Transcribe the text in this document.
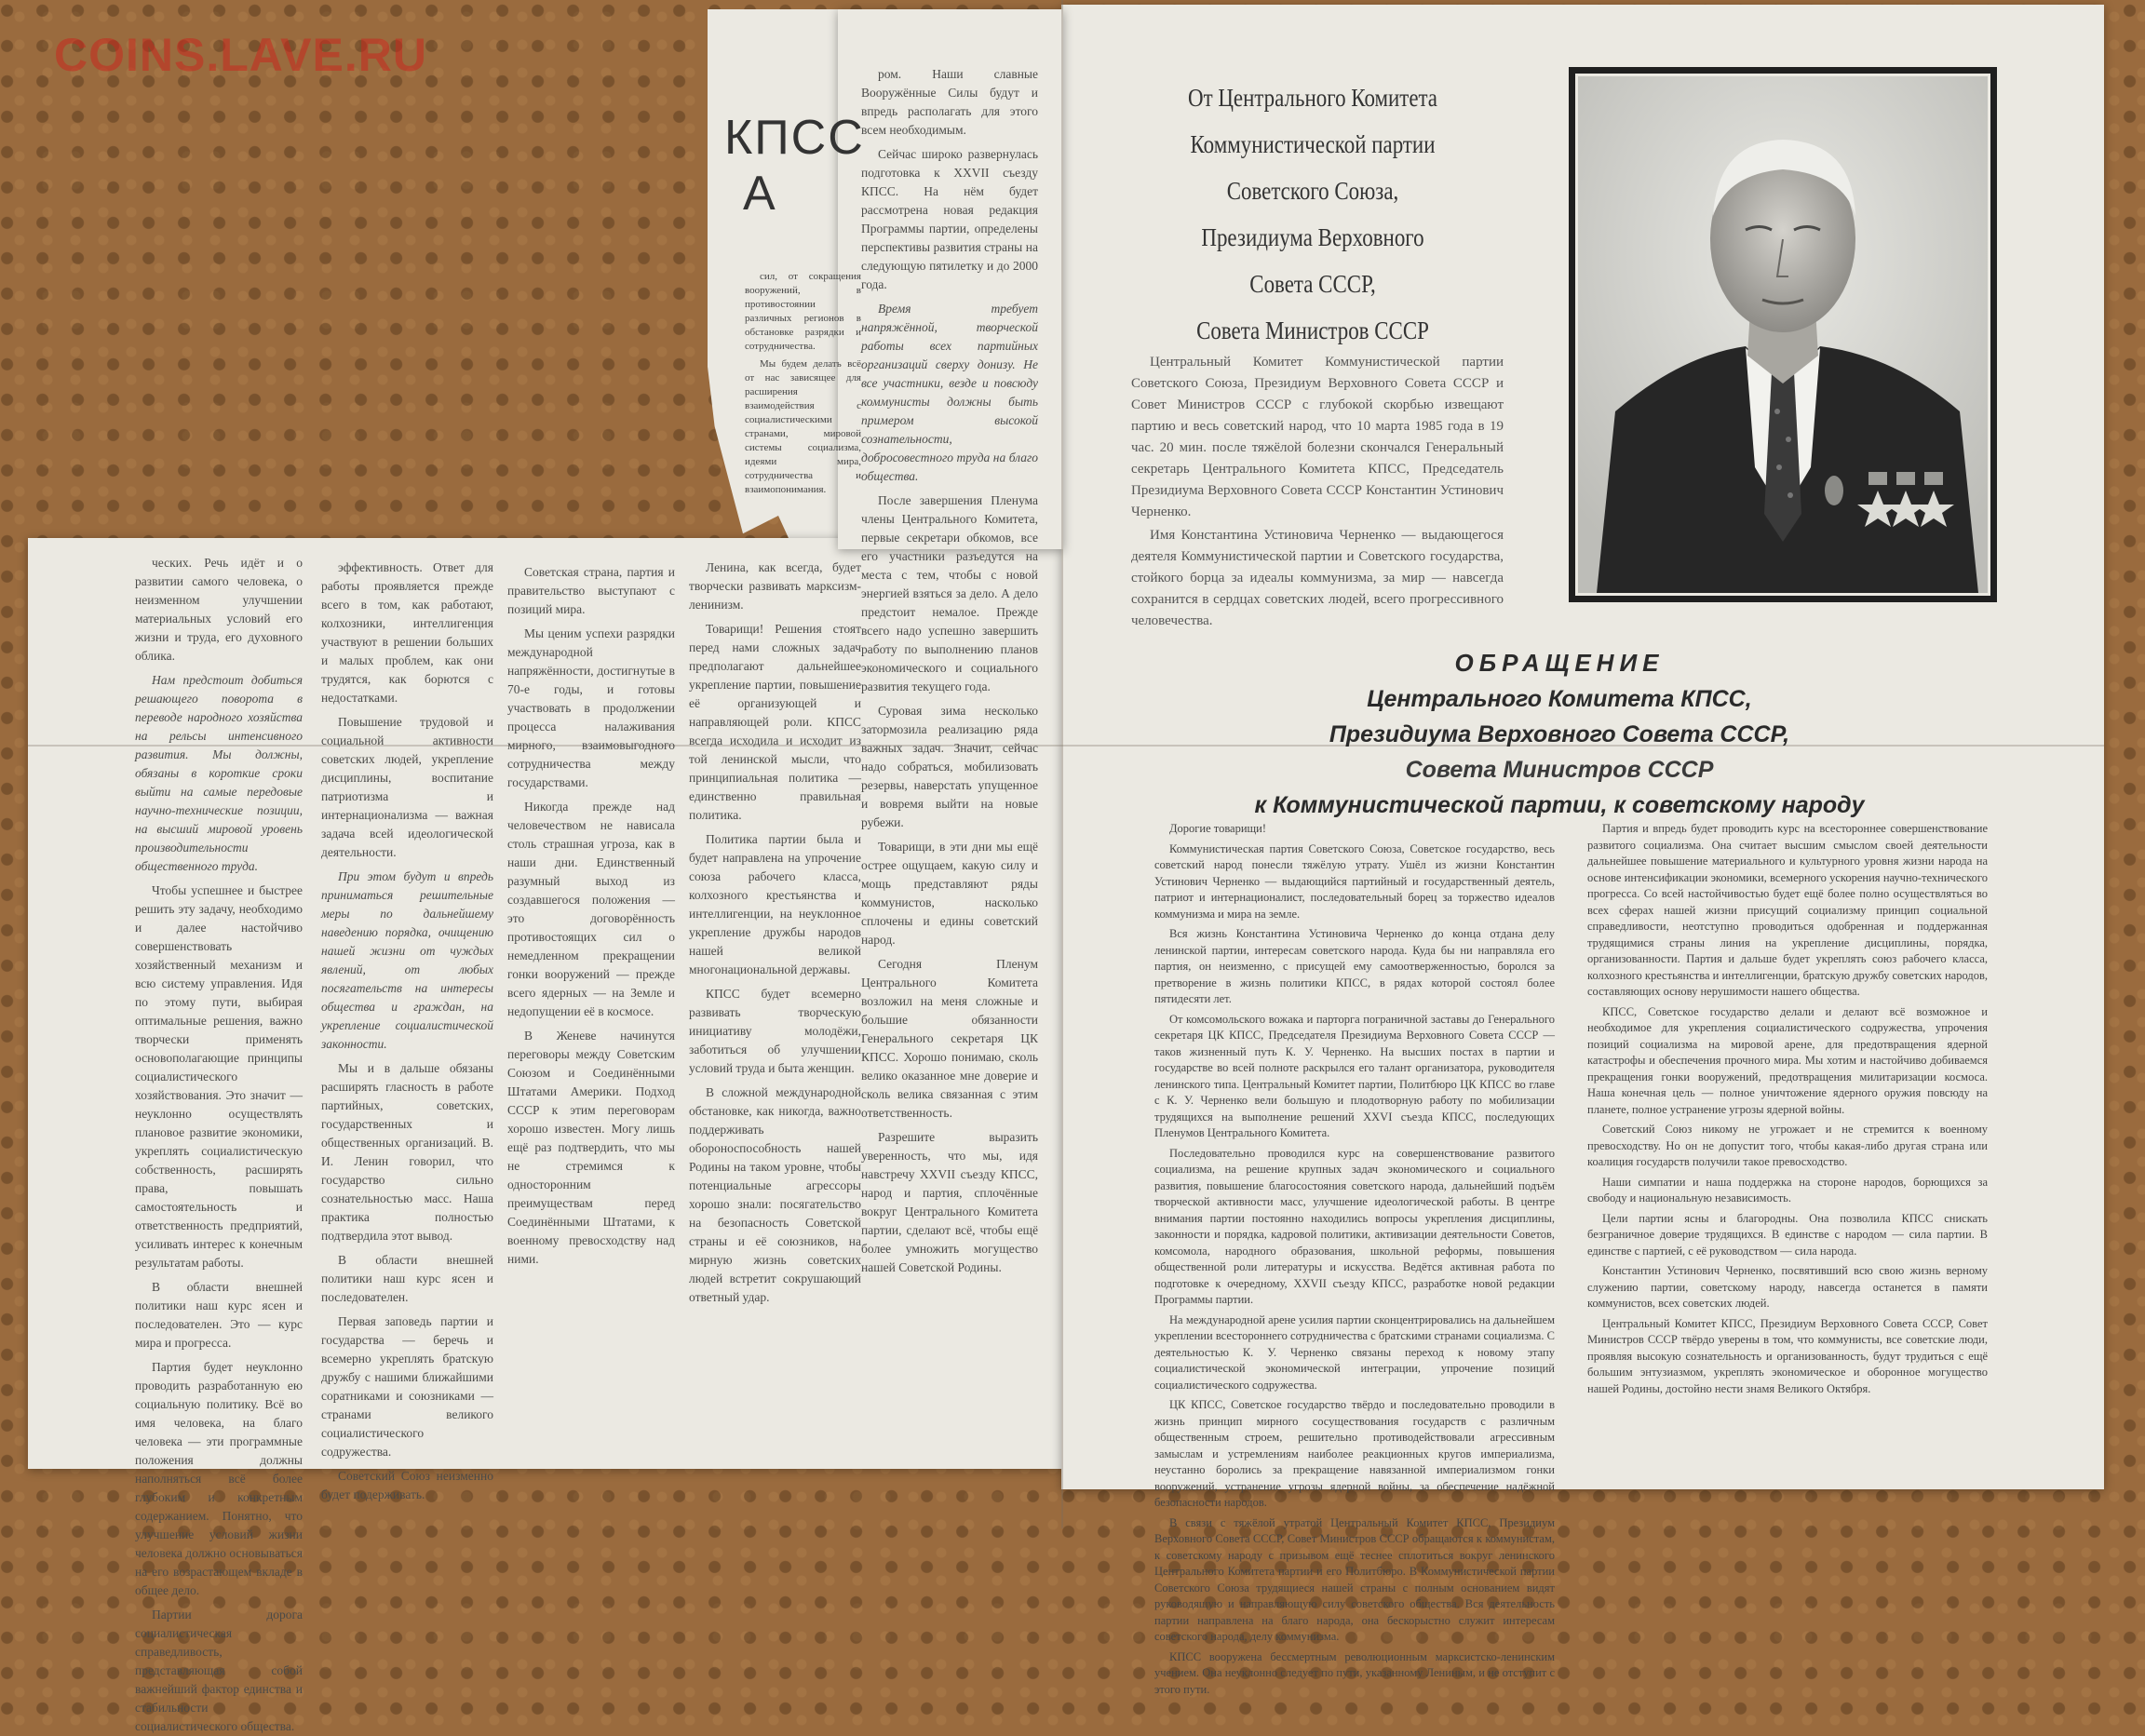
COINS.LAVE.RU
КПСС
А

сил, от сокращения вооружений, в противостоянии различных регионов в обстановке разрядки и сотрудничества.

Мы будем делать всё от нас зависящее для расширения взаимодействия с социалистическими странами, мировой системы социализма, идеями мира, сотрудничества и взаимопонимания.

ческих. Речь идёт и о развитии самого человека, о неизменном улучшении материальных условий его жизни и труда, его духовного облика.

Нам предстоит добиться решающего поворота в переводе народного хозяйства на рельсы интенсивного развития. Мы должны, обязаны в короткие сроки выйти на самые передовые научно-технические позиции, на высший мировой уровень производительности общественного труда.

Чтобы успешнее и быстрее решить эту задачу, необходимо и далее настойчиво совершенствовать хозяйственный механизм и всю систему управления. Идя по этому пути, выбирая оптимальные решения, важно творчески применять основополагающие принципы социалистического хозяйствования. Это значит — неуклонно осуществлять плановое развитие экономики, укреплять социалистическую собственность, расширять права, повышать самостоятельность и ответственность предприятий, усиливать интерес к конечным результатам работы.

В области внешней политики наш курс ясен и последователен. Это — курс мира и прогресса.

Партия будет неуклонно проводить разработанную ею социальную политику. Всё во имя человека, на благо человека — эти программные положения должны наполняться всё более глубоким и конкретным содержанием. Понятно, что улучшение условий жизни человека должно основываться на его возрастающем вкладе в общее дело.

Партии дорога социалистическая справедливость, представляющая собой важнейший фактор единства и стабильности социалистического общества.

эффективность. Ответ для работы проявляется прежде всего в том, как работают, колхозники, интеллигенция участвуют в решении больших и малых проблем, как они трудятся, как борются с недостатками.

Повышение трудовой и социальной активности советских людей, укрепление дисциплины, воспитание патриотизма и интернационализма — важная задача всей идеологической деятельности.

При этом будут и впредь приниматься решительные меры по дальнейшему наведению порядка, очищению нашей жизни от чуждых явлений, от любых посягательств на интересы общества и граждан, на укрепление социалистической законности.

Мы и в дальше обязаны расширять гласность в работе партийных, советских, государственных и общественных организаций. В. И. Ленин говорил, что государство сильно сознательностью масс. Наша практика полностью подтвердила этот вывод.

В области внешней политики наш курс ясен и последователен.

Первая заповедь партии и государства — беречь и всемерно укреплять братскую дружбу с нашими ближайшими соратниками и союзниками — странами великого социалистического содружества.

Советский Союз неизменно будет подерживать.

Советская страна, партия и правительство выступают с позиций мира.

Мы ценим успехи разрядки международной напряжённости, достигнутые в 70-е годы, и готовы участвовать в продолжении процесса налаживания мирного, взаимовыгодного сотрудничества между государствами.

Никогда прежде над человечеством не нависала столь страшная угроза, как в наши дни. Единственный разумный выход из создавшегося положения — это договорённость противостоящих сил о немедленном прекращении гонки вооружений — прежде всего ядерных — на Земле и недопущении её в космосе.

В Женеве начинутся переговоры между Советским Союзом и Соединёнными Штатами Америки. Подход СССР к этим переговорам хорошо известен. Могу лишь ещё раз подтвердить, что мы не стремимся к односторонним преимуществам перед Соединёнными Штатами, к военному превосходству над ними.

Ленина, как всегда, будет творчески развивать марксизм-ленинизм.

Товарищи! Решения стоят перед нами сложных задач предполагают дальнейшее укрепление партии, повышение её организующей и направляющей роли. КПСС всегда исходила и исходит из той ленинской мысли, что принципиальная политика — единственно правильная политика.

Политика партии была и будет направлена на упрочение союза рабочего класса, колхозного крестьянства и интеллигенции, на неуклонное укрепление дружбы народов нашей великой многонациональной державы.

КПСС будет всемерно развивать творческую инициативу молодёжи, заботиться об улучшении условий труда и быта женщин.

В сложной международной обстановке, как никогда, важно поддерживать обороноспособность нашей Родины на таком уровне, чтобы потенциальные агрессоры хорошо знали: посягательство на безопасность Советской страны и её союзников, на мирную жизнь советских людей встретит сокрушающий ответный удар.

ром. Наши славные Вооружённые Силы будут и впредь располагать для этого всем необходимым.

Сейчас широко развернулась подготовка к XXVII съезду КПСС. На нём будет рассмотрена новая редакция Программы партии, определены перспективы развития страны на следующую пятилетку и до 2000 года.

Время требует напряжённой, творческой работы всех партийных организаций сверху донизу. Не все участники, везде и повсюду коммунисты должны быть примером высокой сознательности, добросовестного труда на благо общества.

После завершения Пленума члены Центрального Комитета, первые секретари обкомов, все его участники разъедутся на места с тем, чтобы с новой энергией взяться за дело. А дело предстоит немалое. Прежде всего надо успешно завершить работу по выполнению планов экономического и социального развития текущего года.

Суровая зима несколько затормозила реализацию ряда важных задач. Значит, сейчас надо собраться, мобилизовать резервы, наверстать упущенное и вовремя выйти на новые рубежи.

Товарищи, в эти дни мы ещё острее ощущаем, какую силу и мощь представляют ряды коммунистов, насколько сплочены и едины советский народ.

Сегодня Пленум Центрального Комитета возложил на меня сложные и большие обязанности Генерального секретаря ЦК КПСС. Хорошо понимаю, сколь велико оказанное мне доверие и сколь велика связанная с этим ответственность.

Разрешите выразить уверенность, что мы, идя навстречу XXVII съезду КПСС, народ и партия, сплочённые вокруг Центрального Комитета партии, сделают всё, чтобы ещё более умножить могущество нашей Советской Родины.

От Центрального Комитета
Коммунистической партии
Советского Союза,
Президиума Верховного
Совета СССР,
Совета Министров СССР

Центральный Комитет Коммунистической партии Советского Союза, Президиум Верховного Совета СССР и Совет Министров СССР с глубокой скорбью извещают партию и весь советский народ, что 10 марта 1985 года в 19 час. 20 мин. после тяжёлой болезни скончался Генеральный секретарь Центрального Комитета КПСС, Председатель Президиума Верховного Совета СССР Константин Устинович Черненко.

Имя Константина Устиновича Черненко — выдающегося деятеля Коммунистической партии и Советского государства, стойкого борца за идеалы коммунизма, за мир — навсегда сохранится в сердцах советских людей, всего прогрессивного человечества.

ОБРАЩЕНИЕ
Центрального Комитета КПСС,
Президиума Верховного Совета СССР,
Совета Министров СССР
к Коммунистической партии, к советскому народу

Дорогие товарищи!

Коммунистическая партия Советского Союза, Советское государство, весь советский народ понесли тяжёлую утрату. Ушёл из жизни Константин Устинович Черненко — выдающийся партийный и государственный деятель, патриот и интернационалист, последовательный борец за торжество идеалов коммунизма и мира на земле.

Вся жизнь Константина Устиновича Черненко до конца отдана делу ленинской партии, интересам советского народа. Куда бы ни направляла его партия, он неизменно, с присущей ему самоотверженностью, боролся за претворение в жизнь политики КПСС, в рядах которой состоял более пятидесяти лет.

От комсомольского вожака и парторга пограничной заставы до Генерального секретаря ЦК КПСС, Председателя Президиума Верховного Совета СССР — таков жизненный путь К. У. Черненко. На высших постах в партии и государстве во всей полноте раскрылся его талант организатора, руководителя ленинского типа. Центральный Комитет партии, Политбюро ЦК КПСС во главе с К. У. Черненко вели большую и плодотворную работу по мобилизации трудящихся на выполнение решений XXVI съезда КПСС, последующих Пленумов Центрального Комитета.

Последовательно проводился курс на совершенствование развитого социализма, на решение крупных задач экономического и социального развития, повышение благосостояния советского народа, дальнейший подъём творческой активности масс, улучшение идеологической работы. В центре внимания партии постоянно находились вопросы укрепления дисциплины, законности и порядка, кадровой политики, активизации деятельности Советов, комсомола, народного образования, школьной реформы, повышения общественной роли литературы и искусства. Ведётся активная работа по подготовке к очередному, XXVII съезду КПСС, разработке новой редакции Программы партии.

На международной арене усилия партии сконцентрировались на дальнейшем укреплении всестороннего сотрудничества с братскими странами социализма. С деятельностью К. У. Черненко связаны переход к новому этапу социалистической экономической интеграции, упрочение позиций социалистического содружества.

ЦК КПСС, Советское государство твёрдо и последовательно проводили в жизнь принцип мирного сосуществования государств с различным общественным строем, решительно противодействовали агрессивным замыслам и устремлениям наиболее реакционных кругов империализма, неустанно боролись за прекращение навязанной империализмом гонки вооружений, устранение угрозы ядерной войны, за обеспечение надёжной безопасности народов.

В связи с тяжёлой утратой Центральный Комитет КПСС, Президиум Верховного Совета СССР, Совет Министров СССР обращаются к коммунистам, к советскому народу с призывом ещё теснее сплотиться вокруг ленинского Центрального Комитета партии и его Политбюро. В Коммунистической партии Советского Союза трудящиеся нашей страны с полным основанием видят руководящую и направляющую силу советского общества. Вся деятельность партии направлена на благо народа, она бескорыстно служит интересам советского народа, делу коммунизма.

КПСС вооружена бессмертным революционным марксистско-ленинским учением. Она неуклонно следует по пути, указанному Лениным, и не отступит с этого пути.

Партия и впредь будет проводить курс на всестороннее совершенствование развитого социализма. Она считает высшим смыслом своей деятельности дальнейшее повышение материального и культурного уровня жизни народа на основе интенсификации экономики, всемерного ускорения научно-технического прогресса. Со всей настойчивостью будет ещё более полно осуществляться во всех сферах нашей жизни присущий социализму принцип социальной справедливости, неотступно проводиться одобренная и поддержанная трудящимися страны линия на укрепление дисциплины, порядка, организованности. Партия и дальше будет укреплять союз рабочего класса, колхозного крестьянства и интеллигенции, братскую дружбу советских народов, составляющих основу нерушимости нашего общества.

КПСС, Советское государство делали и делают всё возможное и необходимое для укрепления социалистического содружества, упрочения позиций социализма на мировой арене, для предотвращения ядерной катастрофы и обеспечения прочного мира. Мы хотим и настойчиво добиваемся прекращения гонки вооружений, предотвращения милитаризации космоса. Наша конечная цель — полное уничтожение ядерного оружия повсюду на планете, полное устранение угрозы ядерной войны.

Советский Союз никому не угрожает и не стремится к военному превосходству. Но он не допустит того, чтобы какая-либо другая страна или коалиция государств получили такое превосходство.

Наши симпатии и наша поддержка на стороне народов, борющихся за свободу и национальную независимость.

Цели партии ясны и благородны. Она позволила КПСС снискать безграничное доверие трудящихся. В единстве с народом — сила партии. В единстве с партией, с её руководством — сила народа.

Константин Устинович Черненко, посвятивший всю свою жизнь верному служению партии, советскому народу, навсегда останется в памяти коммунистов, всех советских людей.

Центральный Комитет КПСС, Президиум Верховного Совета СССР, Совет Министров СССР твёрдо уверены в том, что коммунисты, все советские люди, проявляя высокую сознательность и организованность, будут трудиться с ещё большим энтузиазмом, укреплять экономическое и оборонное могущество нашей Родины, достойно нести знамя Великого Октября.
